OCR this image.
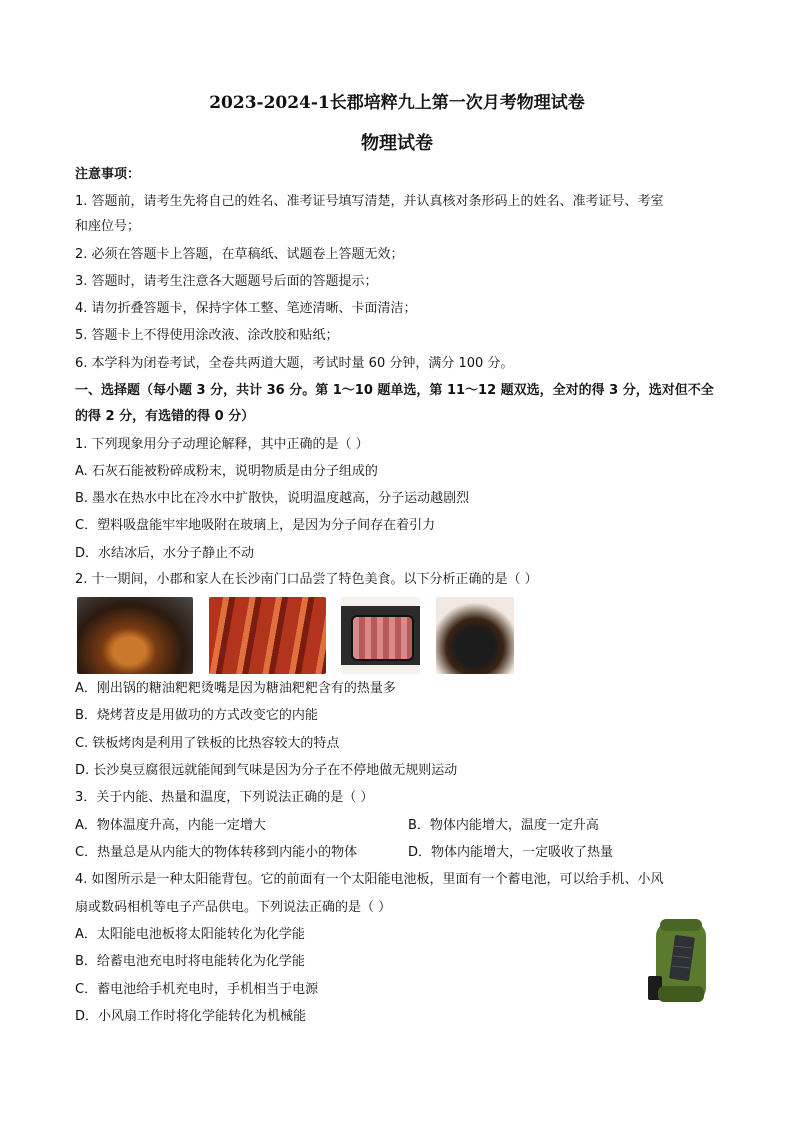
2023-2024-1长郡培粹九上第一次月考物理试卷
物理试卷
注意事项：
1. 答题前，请考生先将自己的姓名、准考证号填写清楚，并认真核对条形码上的姓名、准考证号、考室
和座位号；
2. 必须在答题卡上答题，在草稿纸、试题卷上答题无效；
3. 答题时，请考生注意各大题题号后面的答题提示；
4. 请勿折叠答题卡，保持字体工整、笔迹清晰、卡面清洁；
5. 答题卡上不得使用涂改液、涂改胶和贴纸；
6. 本学科为闭卷考试，全卷共两道大题，考试时量 60 分钟，满分 100 分。
一、选择题（每小题 3 分，共计 36 分。第 1～10 题单选，第 11～12 题双选，全对的得 3 分，选对但不全
的得 2 分，有选错的得 0 分）
1. 下列现象用分子动理论解释，其中正确的是（ ）
A. 石灰石能被粉碎成粉末，说明物质是由分子组成的
B. 墨水在热水中比在冷水中扩散快，说明温度越高，分子运动越剧烈
C．塑料吸盘能牢牢地吸附在玻璃上，是因为分子间存在着引力
D．水结冰后，水分子静止不动
2. 十一期间，小郡和家人在长沙南门口品尝了特色美食。以下分析正确的是（ ）
A．刚出锅的糖油粑粑烫嘴是因为糖油粑粑含有的热量多
B．烧烤苕皮是用做功的方式改变它的内能
C. 铁板烤肉是利用了铁板的比热容较大的特点
D. 长沙臭豆腐很远就能闻到气味是因为分子在不停地做无规则运动
3．关于内能、热量和温度，下列说法正确的是（ ）
A．物体温度升高，内能一定增大	B．物体内能增大，温度一定升高
C．热量总是从内能大的物体转移到内能小的物体	D．物体内能增大，一定吸收了热量
4. 如图所示是一种太阳能背包。它的前面有一个太阳能电池板，里面有一个蓄电池，可以给手机、小风
扇或数码相机等电子产品供电。下列说法正确的是（ ）
A．太阳能电池板将太阳能转化为化学能
B．给蓄电池充电时将电能转化为化学能
C．蓄电池给手机充电时，手机相当于电源
D．小风扇工作时将化学能转化为机械能
